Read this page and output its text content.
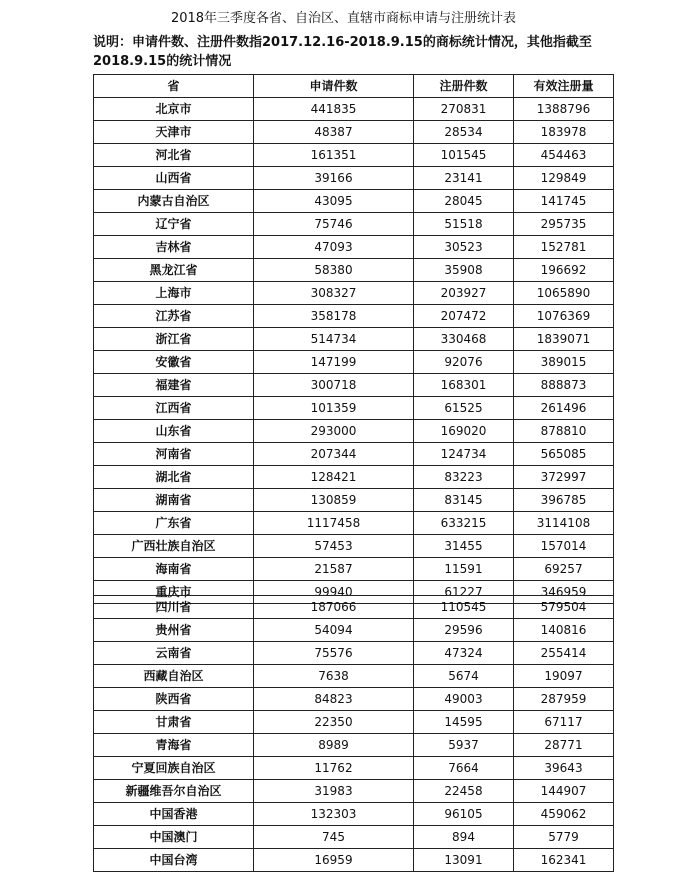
2018年三季度各省、自治区、直辖市商标申请与注册统计表
说明：申请件数、注册件数指2017.12.16-2018.9.15的商标统计情况，其他指截至
2018.9.15的统计情况
省	申请件数	注册件数	有效注册量
北京市	441835	270831	1388796
天津市	48387	28534	183978
河北省	161351	101545	454463
山西省	39166	23141	129849
内蒙古自治区	43095	28045	141745
辽宁省	75746	51518	295735
吉林省	47093	30523	152781
黑龙江省	58380	35908	196692
上海市	308327	203927	1065890
江苏省	358178	207472	1076369
浙江省	514734	330468	1839071
安徽省	147199	92076	389015
福建省	300718	168301	888873
江西省	101359	61525	261496
山东省	293000	169020	878810
河南省	207344	124734	565085
湖北省	128421	83223	372997
湖南省	130859	83145	396785
广东省	1117458	633215	3114108
广西壮族自治区	57453	31455	157014
海南省	21587	11591	69257
重庆市	99940	61227	346959
四川省	187066	110545	579504
贵州省	54094	29596	140816
云南省	75576	47324	255414
西藏自治区	7638	5674	19097
陕西省	84823	49003	287959
甘肃省	22350	14595	67117
青海省	8989	5937	28771
宁夏回族自治区	11762	7664	39643
新疆维吾尔自治区	31983	22458	144907
中国香港	132303	96105	459062
中国澳门	745	894	5779
中国台湾	16959	13091	162341
